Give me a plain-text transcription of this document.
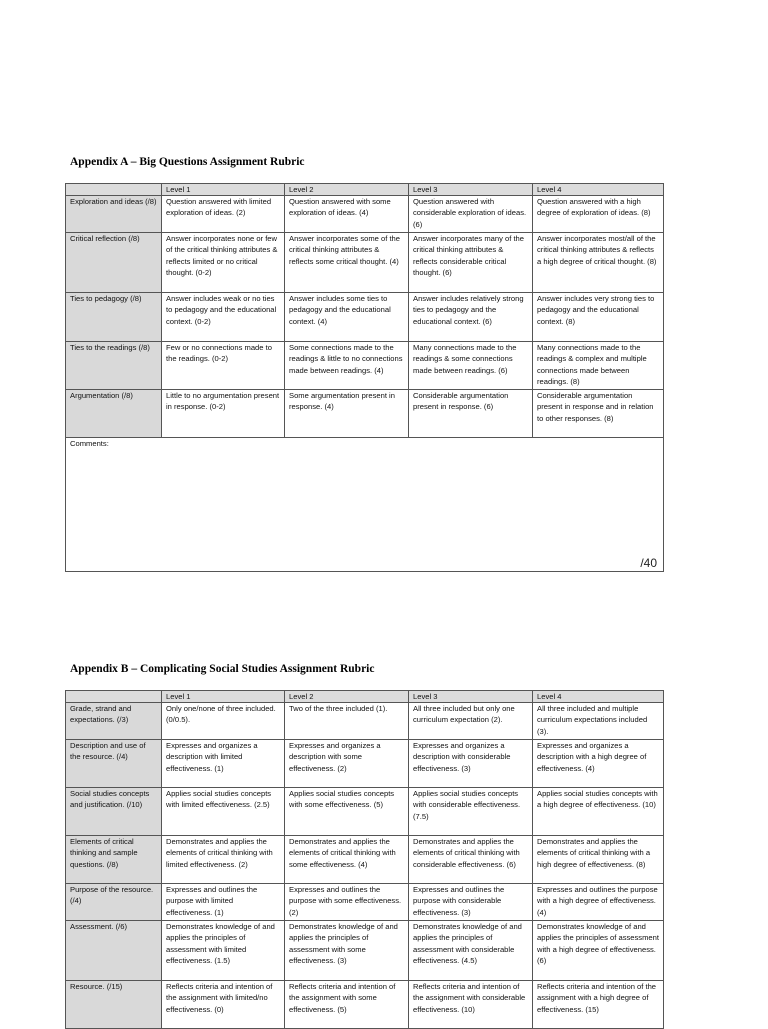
Appendix A – Big Questions Assignment Rubric
	Level 1	Level 2	Level 3	Level 4
Exploration and ideas (/8)	Question answered with limited exploration of ideas. (2)	Question answered with some exploration of ideas. (4)	Question answered with considerable exploration of ideas. (6)	Question answered with a high degree of exploration of ideas. (8)
Critical reflection (/8)	Answer incorporates none or few of the critical thinking attributes & reflects limited or no critical thought. (0-2)	Answer incorporates some of the critical thinking attributes & reflects some critical thought. (4)	Answer incorporates many of the critical thinking attributes & reflects considerable critical thought. (6)	Answer incorporates most/all of the critical thinking attributes & reflects a high degree of critical thought. (8)
Ties to pedagogy (/8)	Answer includes weak or no ties to pedagogy and the educational context. (0-2)	Answer includes some ties to pedagogy and the educational context. (4)	Answer includes relatively strong ties to pedagogy and the educational context. (6)	Answer includes very strong ties to pedagogy and the educational context. (8)
Ties to the readings (/8)	Few or no connections made to the readings. (0-2)	Some connections made to the readings & little to no connections made between readings. (4)	Many connections made to the readings & some connections made between readings. (6)	Many connections made to the readings & complex and multiple connections made between readings. (8)
Argumentation (/8)	Little to no argumentation present in response. (0-2)	Some argumentation present in response. (4)	Considerable argumentation present in response. (6)	Considerable argumentation present in response and in relation to other responses. (8)
Comments:
/40				
Appendix B – Complicating Social Studies Assignment Rubric
	Level 1	Level 2	Level 3	Level 4
Grade, strand and expectations. (/3)	Only one/none of three included. (0/0.5).	Two of the three included (1).	All three included but only one curriculum expectation (2).	All three included and multiple curriculum expectations included (3).
Description and use of the resource. (/4)	Expresses and organizes a description with limited effectiveness. (1)	Expresses and organizes a description with some effectiveness. (2)	Expresses and organizes a description with considerable effectiveness. (3)	Expresses and organizes a description with a high degree of effectiveness. (4)
Social studies concepts and justification. (/10)	Applies social studies concepts with limited effectiveness. (2.5)	Applies social studies concepts with some effectiveness. (5)	Applies social studies concepts with considerable effectiveness. (7.5)	Applies social studies concepts with a high degree of effectiveness. (10)
Elements of critical thinking and sample questions. (/8)	Demonstrates and applies the elements of critical thinking with limited effectiveness. (2)	Demonstrates and applies the elements of critical thinking with some effectiveness. (4)	Demonstrates and applies the elements of critical thinking with considerable effectiveness. (6)	Demonstrates and applies the elements of critical thinking with a high degree of effectiveness. (8)
Purpose of the resource. (/4)	Expresses and outlines the purpose with limited effectiveness. (1)	Expresses and outlines the purpose with some effectiveness. (2)	Expresses and outlines the purpose with considerable effectiveness. (3)	Expresses and outlines the purpose with a high degree of effectiveness. (4)
Assessment. (/6)	Demonstrates knowledge of and applies the principles of assessment with limited effectiveness. (1.5)	Demonstrates knowledge of and applies the principles of assessment with some effectiveness. (3)	Demonstrates knowledge of and applies the principles of assessment with considerable effectiveness. (4.5)	Demonstrates knowledge of and applies the principles of assessment with a high degree of effectiveness. (6)
Resource. (/15)	Reflects criteria and intention of the assignment with limited/no effectiveness. (0)	Reflects criteria and intention of the assignment with some effectiveness. (5)	Reflects criteria and intention of the assignment with considerable effectiveness. (10)	Reflects criteria and intention of the assignment with a high degree of effectiveness. (15)
